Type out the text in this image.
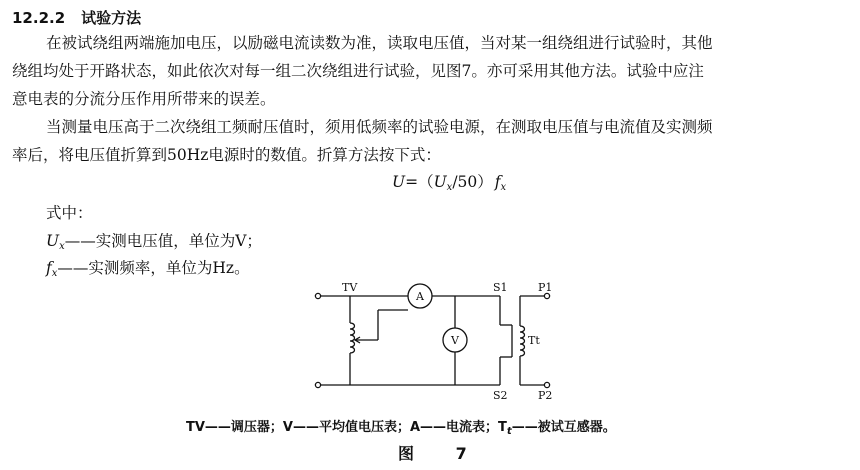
12.2.2 试验方法
在被试绕组两端施加电压，以励磁电流读数为准，读取电压值，当对某一组绕组进行试验时，其他
绕组均处于开路状态，如此依次对每一组二次绕组进行试验，见图7。亦可采用其他方法。试验中应注
意电表的分流分压作用所带来的误差。
当测量电压高于二次绕组工频耐压值时，须用低频率的试验电源，在测取电压值与电流值及实测频
率后，将电压值折算到50Hz电源时的数值。折算方法按下式：
$U=(U_x/50)$ $f_x$
式中：
$U_x——$实测电压值，单位为V；
$f_x——$实测频率，单位为Hz。
TV	S1	P1
S2	P2
Tt
A
V
TV——调压器；V——平均值电压表；A——电流表；$T_t——$被试互感器。
图 7
